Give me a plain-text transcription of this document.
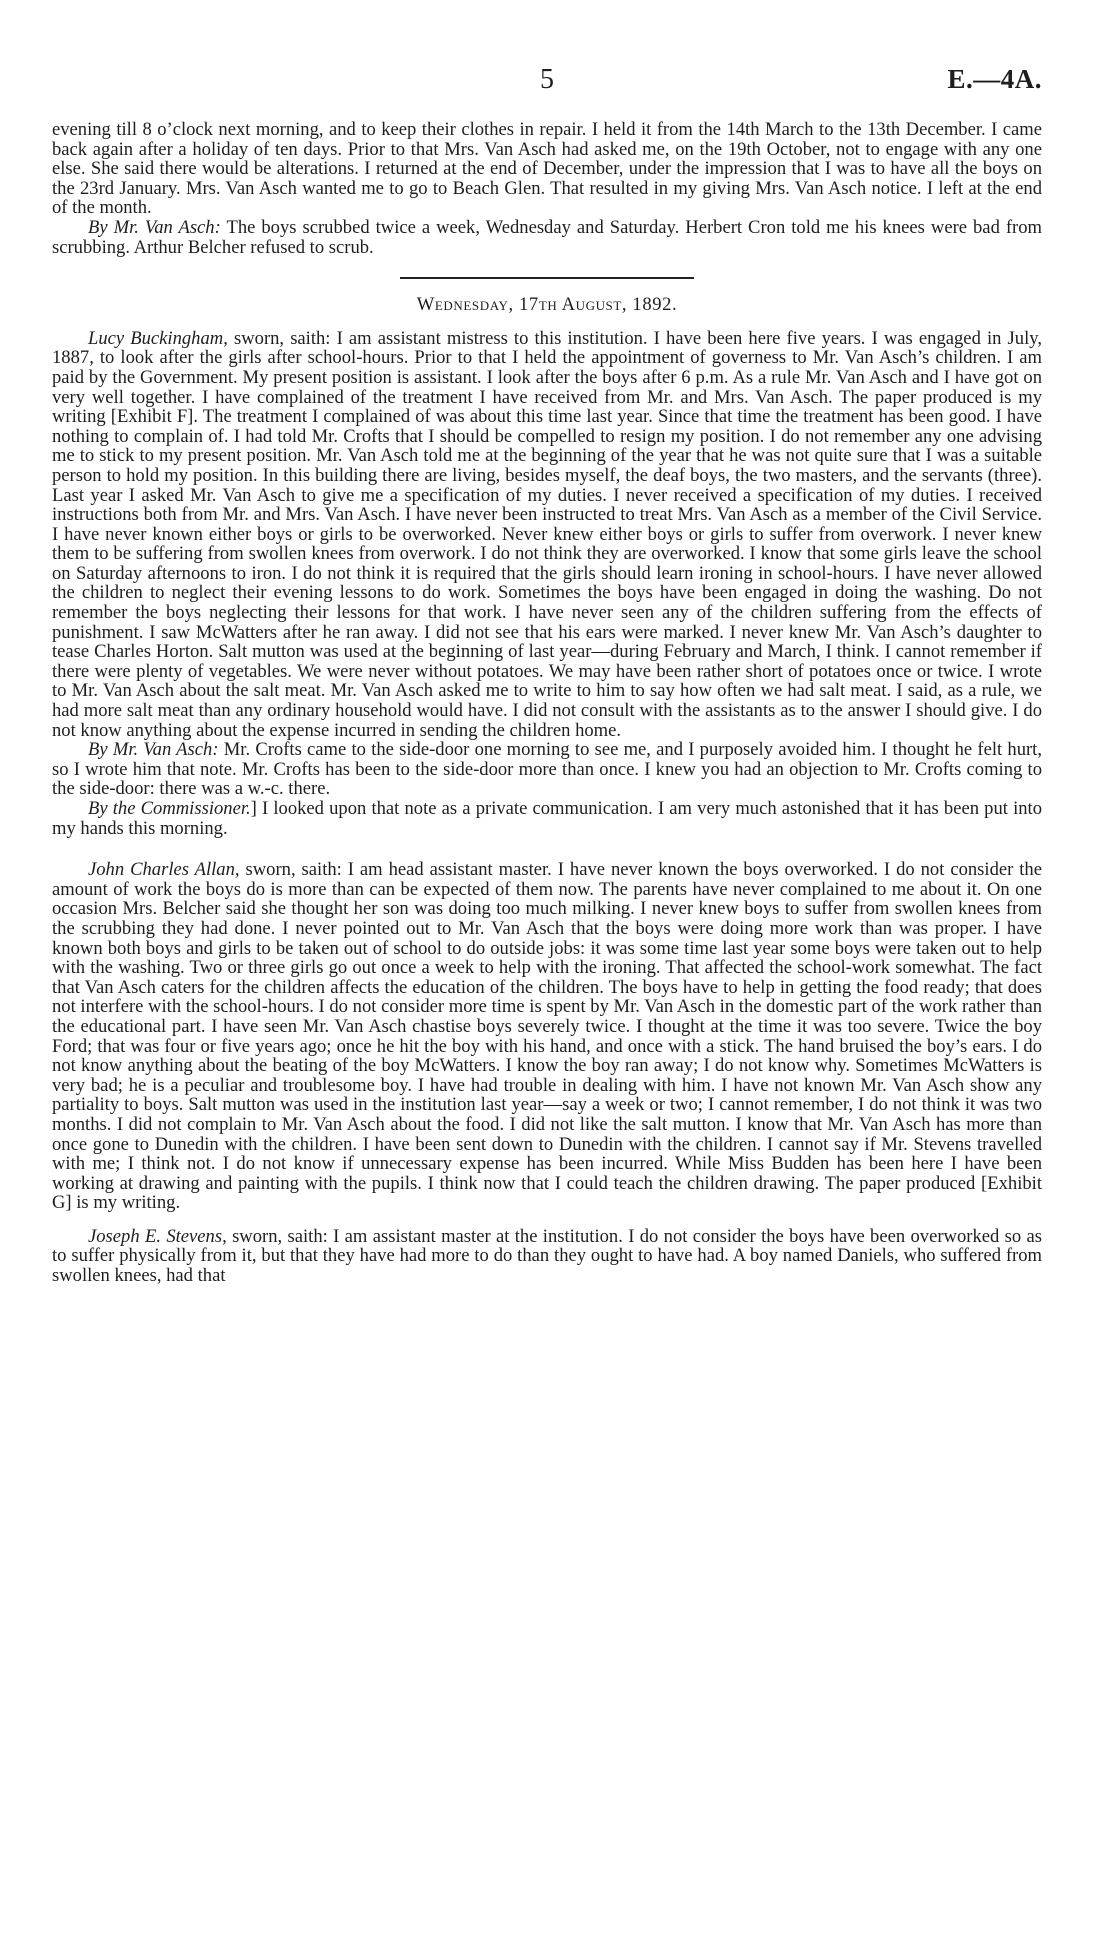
5	E.—4A.

evening till 8 o’clock next morning, and to keep their clothes in repair. I held it from the 14th March to the 13th December. I came back again after a holiday of ten days. Prior to that Mrs. Van Asch had asked me, on the 19th October, not to engage with any one else. She said there would be alterations. I returned at the end of December, under the impression that I was to have all the boys on the 23rd January. Mrs. Van Asch wanted me to go to Beach Glen. That resulted in my giving Mrs. Van Asch notice. I left at the end of the month.

By Mr. Van Asch: The boys scrubbed twice a week, Wednesday and Saturday. Herbert Cron told me his knees were bad from scrubbing. Arthur Belcher refused to scrub.

Wednesday, 17th August, 1892.

Lucy Buckingham, sworn, saith: I am assistant mistress to this institution. I have been here five years. I was engaged in July, 1887, to look after the girls after school-hours. Prior to that I held the appointment of governess to Mr. Van Asch’s children. I am paid by the Government. My present position is assistant. I look after the boys after 6 p.m. As a rule Mr. Van Asch and I have got on very well together. I have complained of the treatment I have received from Mr. and Mrs. Van Asch. The paper produced is my writing [Exhibit F]. The treatment I complained of was about this time last year. Since that time the treatment has been good. I have nothing to complain of. I had told Mr. Crofts that I should be compelled to resign my position. I do not remember any one advising me to stick to my present position. Mr. Van Asch told me at the beginning of the year that he was not quite sure that I was a suitable person to hold my position. In this building there are living, besides myself, the deaf boys, the two masters, and the servants (three). Last year I asked Mr. Van Asch to give me a specification of my duties. I never received a specification of my duties. I received instructions both from Mr. and Mrs. Van Asch. I have never been instructed to treat Mrs. Van Asch as a member of the Civil Service. I have never known either boys or girls to be overworked. Never knew either boys or girls to suffer from overwork. I never knew them to be suffering from swollen knees from overwork. I do not think they are overworked. I know that some girls leave the school on Saturday afternoons to iron. I do not think it is required that the girls should learn ironing in school-hours. I have never allowed the children to neglect their evening lessons to do work. Sometimes the boys have been engaged in doing the washing. Do not remember the boys neglecting their lessons for that work. I have never seen any of the children suffering from the effects of punishment. I saw McWatters after he ran away. I did not see that his ears were marked. I never knew Mr. Van Asch’s daughter to tease Charles Horton. Salt mutton was used at the beginning of last year—during February and March, I think. I cannot remember if there were plenty of vegetables. We were never without potatoes. We may have been rather short of potatoes once or twice. I wrote to Mr. Van Asch about the salt meat. Mr. Van Asch asked me to write to him to say how often we had salt meat. I said, as a rule, we had more salt meat than any ordinary household would have. I did not consult with the assistants as to the answer I should give. I do not know anything about the expense incurred in sending the children home.

By Mr. Van Asch: Mr. Crofts came to the side-door one morning to see me, and I purposely avoided him. I thought he felt hurt, so I wrote him that note. Mr. Crofts has been to the side-door more than once. I knew you had an objection to Mr. Crofts coming to the side-door: there was a w.-c. there.

By the Commissioner.] I looked upon that note as a private communication. I am very much astonished that it has been put into my hands this morning.

John Charles Allan, sworn, saith: I am head assistant master. I have never known the boys overworked. I do not consider the amount of work the boys do is more than can be expected of them now. The parents have never complained to me about it. On one occasion Mrs. Belcher said she thought her son was doing too much milking. I never knew boys to suffer from swollen knees from the scrubbing they had done. I never pointed out to Mr. Van Asch that the boys were doing more work than was proper. I have known both boys and girls to be taken out of school to do outside jobs: it was some time last year some boys were taken out to help with the washing. Two or three girls go out once a week to help with the ironing. That affected the school-work somewhat. The fact that Van Asch caters for the children affects the education of the children. The boys have to help in getting the food ready; that does not interfere with the school-hours. I do not consider more time is spent by Mr. Van Asch in the domestic part of the work rather than the educational part. I have seen Mr. Van Asch chastise boys severely twice. I thought at the time it was too severe. Twice the boy Ford; that was four or five years ago; once he hit the boy with his hand, and once with a stick. The hand bruised the boy’s ears. I do not know anything about the beating of the boy McWatters. I know the boy ran away; I do not know why. Sometimes McWatters is very bad; he is a peculiar and troublesome boy. I have had trouble in dealing with him. I have not known Mr. Van Asch show any partiality to boys. Salt mutton was used in the institution last year—say a week or two; I cannot remember, I do not think it was two months. I did not complain to Mr. Van Asch about the food. I did not like the salt mutton. I know that Mr. Van Asch has more than once gone to Dunedin with the children. I have been sent down to Dunedin with the children. I cannot say if Mr. Stevens travelled with me; I think not. I do not know if unnecessary expense has been incurred. While Miss Budden has been here I have been working at drawing and painting with the pupils. I think now that I could teach the children drawing. The paper produced [Exhibit G] is my writing.

Joseph E. Stevens, sworn, saith: I am assistant master at the institution. I do not consider the boys have been overworked so as to suffer physically from it, but that they have had more to do than they ought to have had. A boy named Daniels, who suffered from swollen knees, had that
